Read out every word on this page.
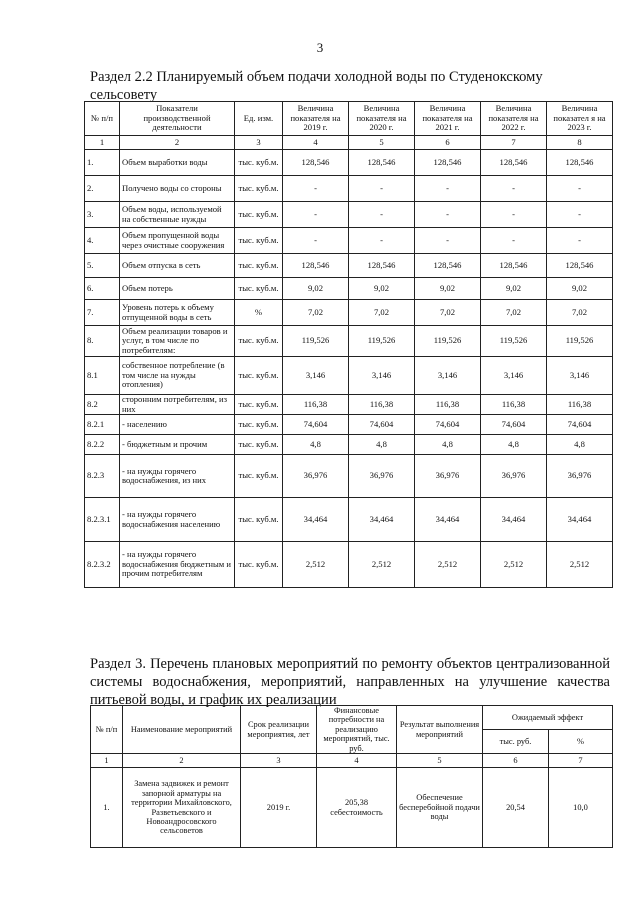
3
Раздел 2.2 Планируемый объем подачи холодной воды по Студенокскому сельсовету
№ п/п	Показатели производственной деятельности	Ед. изм.	Величина показателя на 2019 г.	Величина показателя на 2020 г.	Величина показателя на 2021 г.	Величина показателя на 2022 г.	Величина показател я на 2023 г.
1	2	3	4	5	6	7	8
1.	Объем выработки воды	тыс. куб.м.	128,546	128,546	128,546	128,546	128,546
2.	Получено воды со стороны	тыс. куб.м.	-	-	-	-	-
3.	Объем воды, используемой на собственные нужды	тыс. куб.м.	-	-	-	-	-
4.	Объем пропущенной воды через очистные сооружения	тыс. куб.м.	-	-	-	-	-
5.	Объем отпуска в сеть	тыс. куб.м.	128,546	128,546	128,546	128,546	128,546
6.	Объем потерь	тыс. куб.м.	9,02	9,02	9,02	9,02	9,02
7.	Уровень потерь к объему отпущенной воды в сеть	%	7,02	7,02	7,02	7,02	7,02
8.	Объем реализации товаров и услуг, в том числе по потребителям:	тыс. куб.м.	119,526	119,526	119,526	119,526	119,526
8.1	собственное потребление (в том числе на нужды отопления)	тыс. куб.м.	3,146	3,146	3,146	3,146	3,146
8.2	сторонним потребителям, из них	тыс. куб.м.	116,38	116,38	116,38	116,38	116,38
8.2.1	- населению	тыс. куб.м.	74,604	74,604	74,604	74,604	74,604
8.2.2	- бюджетным и прочим	тыс. куб.м.	4,8	4,8	4,8	4,8	4,8
8.2.3	- на нужды горячего водоснабжения, из них	тыс. куб.м.	36,976	36,976	36,976	36,976	36,976
8.2.3.1	- на нужды горячего водоснабжения населению	тыс. куб.м.	34,464	34,464	34,464	34,464	34,464
8.2.3.2	- на нужды горячего водоснабжения бюджетным и прочим потребителям	тыс. куб.м.	2,512	2,512	2,512	2,512	2,512
Раздел 3. Перечень плановых мероприятий по ремонту объектов централизованной системы водоснабжения, мероприятий, направленных на улучшение качества питьевой воды, и график их реализации
№ п/п	Наименование мероприятий	Срок реализации мероприятия, лет	Финансовые потребности на реализацию мероприятий, тыс. руб.	Результат выполнения мероприятий	Ожидаемый эффект	
					тыс. руб.	%
1	2	3	4	5	6	7
1.	Замена задвижек и ремонт запорной арматуры на территории Михайловского, Разветьевского и Новоандросовского сельсоветов	2019 г.	205,38 себестоимость	Обеспечение бесперебойной подачи воды	20,54	10,0
